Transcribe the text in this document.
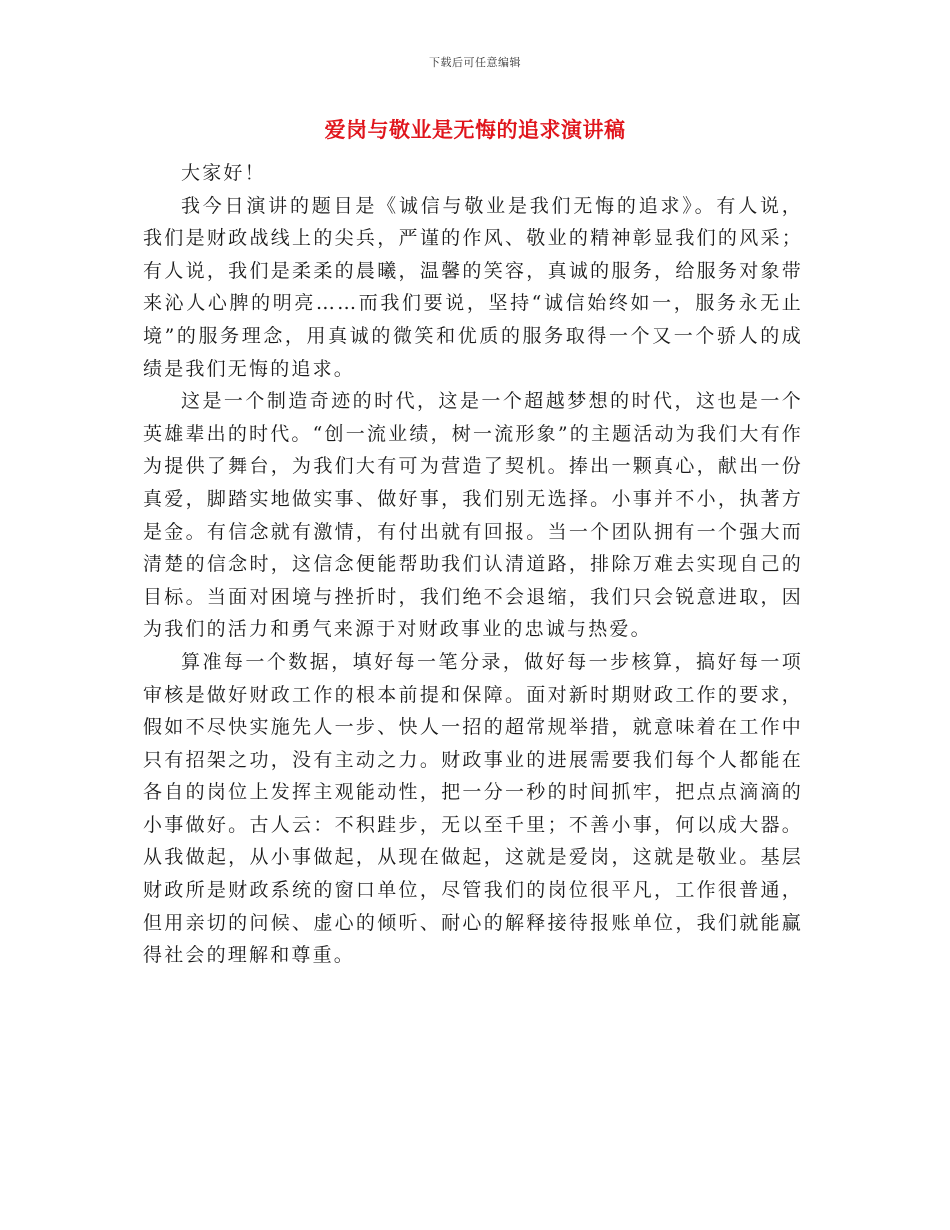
下载后可任意编辑
爱岗与敬业是无悔的追求演讲稿

大家好！

我今日演讲的题目是《诚信与敬业是我们无悔的追求》。有人说，我们是财政战线上的尖兵，严谨的作风、敬业的精神彰显我们的风采；有人说，我们是柔柔的晨曦，温馨的笑容，真诚的服务，给服务对象带来沁人心脾的明亮……而我们要说，坚持“诚信始终如一，服务永无止境”的服务理念，用真诚的微笑和优质的服务取得一个又一个骄人的成绩是我们无悔的追求。

这是一个制造奇迹的时代，这是一个超越梦想的时代，这也是一个英雄辈出的时代。“创一流业绩，树一流形象”的主题活动为我们大有作为提供了舞台，为我们大有可为营造了契机。捧出一颗真心，献出一份真爱，脚踏实地做实事、做好事，我们别无选择。小事并不小，执著方是金。有信念就有激情，有付出就有回报。当一个团队拥有一个强大而清楚的信念时，这信念便能帮助我们认清道路，排除万难去实现自己的目标。当面对困境与挫折时，我们绝不会退缩，我们只会锐意进取，因为我们的活力和勇气来源于对财政事业的忠诚与热爱。

算准每一个数据，填好每一笔分录，做好每一步核算，搞好每一项审核是做好财政工作的根本前提和保障。面对新时期财政工作的要求，假如不尽快实施先人一步、快人一招的超常规举措，就意味着在工作中只有招架之功，没有主动之力。财政事业的进展需要我们每个人都能在各自的岗位上发挥主观能动性，把一分一秒的时间抓牢，把点点滴滴的小事做好。古人云：不积跬步，无以至千里；不善小事，何以成大器。从我做起，从小事做起，从现在做起，这就是爱岗，这就是敬业。基层财政所是财政系统的窗口单位，尽管我们的岗位很平凡，工作很普通，但用亲切的问候、虚心的倾听、耐心的解释接待报账单位，我们就能赢得社会的理解和尊重。
